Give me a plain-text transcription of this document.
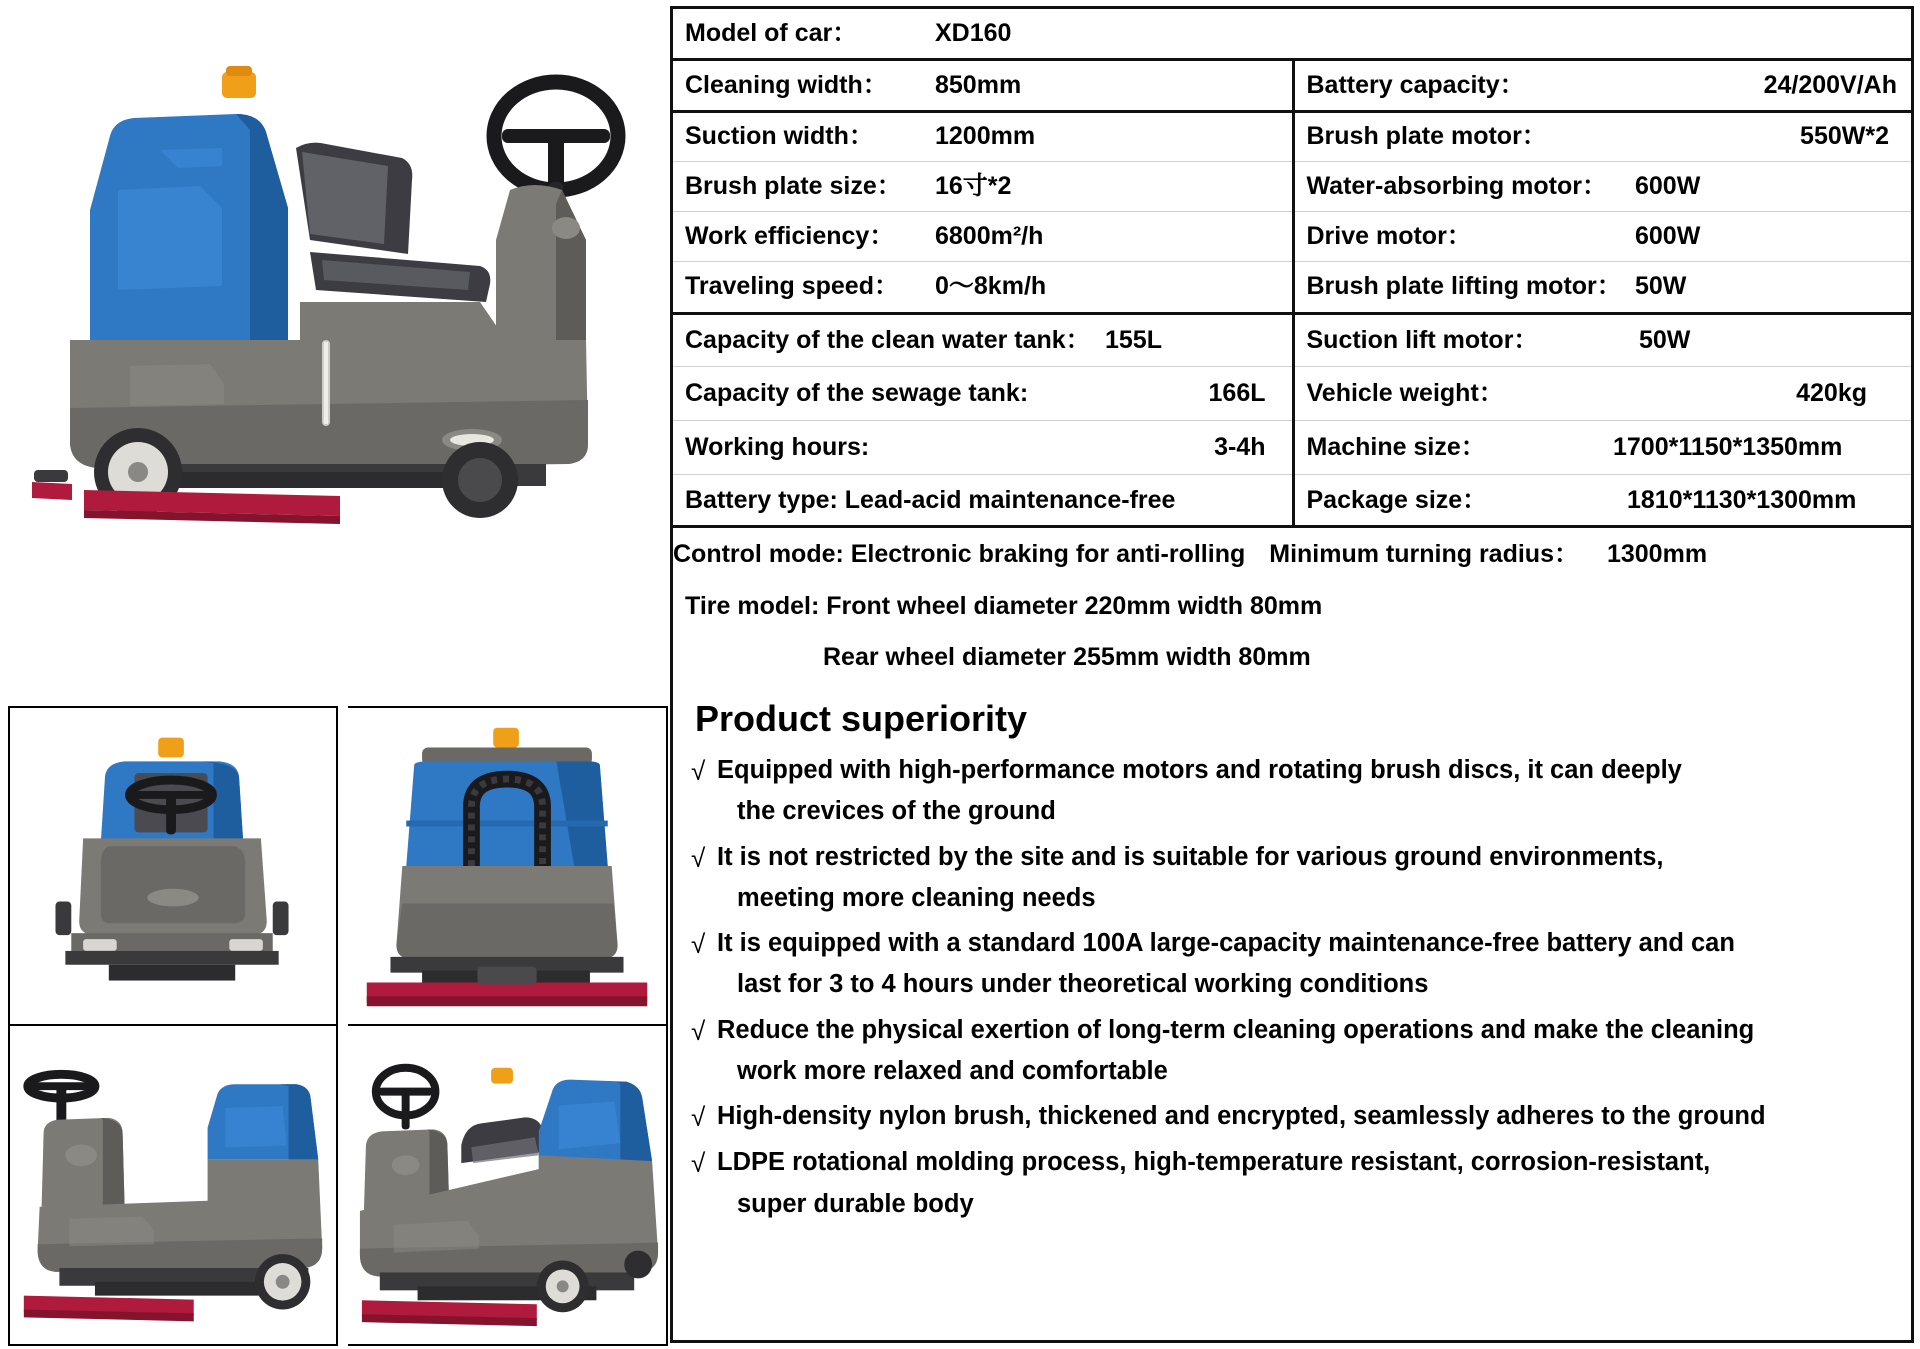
Model of car：	XD160		
Cleaning width：	850mm	Battery capacity：	24/200V/Ah
Suction width：	1200mm	Brush plate motor：	550W*2
Brush plate size：	16寸*2	Water-absorbing motor：	600W
Work efficiency：	6800m²/h	Drive motor：	600W
Traveling speed：	0～8km/h	Brush plate lifting motor：	50W
Capacity of the clean water tank：	155L	Suction lift motor：	50W
Capacity of the sewage tank:	166L	Vehicle weight：	420kg
Working hours:	3-4h	Machine size：	1700*1150*1350mm
Battery type: Lead-acid maintenance-free		Package size：	1810*1130*1300mm
Control mode: Electronic braking for anti-rolling Minimum turning radius： 1300mm
Tire model: Front wheel diameter 220mm width 80mm
Rear wheel diameter 255mm width 80mm
Product superiority
√ Equipped with high-performance motors and rotating brush discs, it can deeply
the crevices of the ground
√ It is not restricted by the site and is suitable for various ground environments,
meeting more cleaning needs
√ It is equipped with a standard 100A large-capacity maintenance-free battery and can
last for 3 to 4 hours under theoretical working conditions
√ Reduce the physical exertion of long-term cleaning operations and make the cleaning
work more relaxed and comfortable
√ High-density nylon brush, thickened and encrypted, seamlessly adheres to the ground
√ LDPE rotational molding process, high-temperature resistant, corrosion-resistant,
super durable body
